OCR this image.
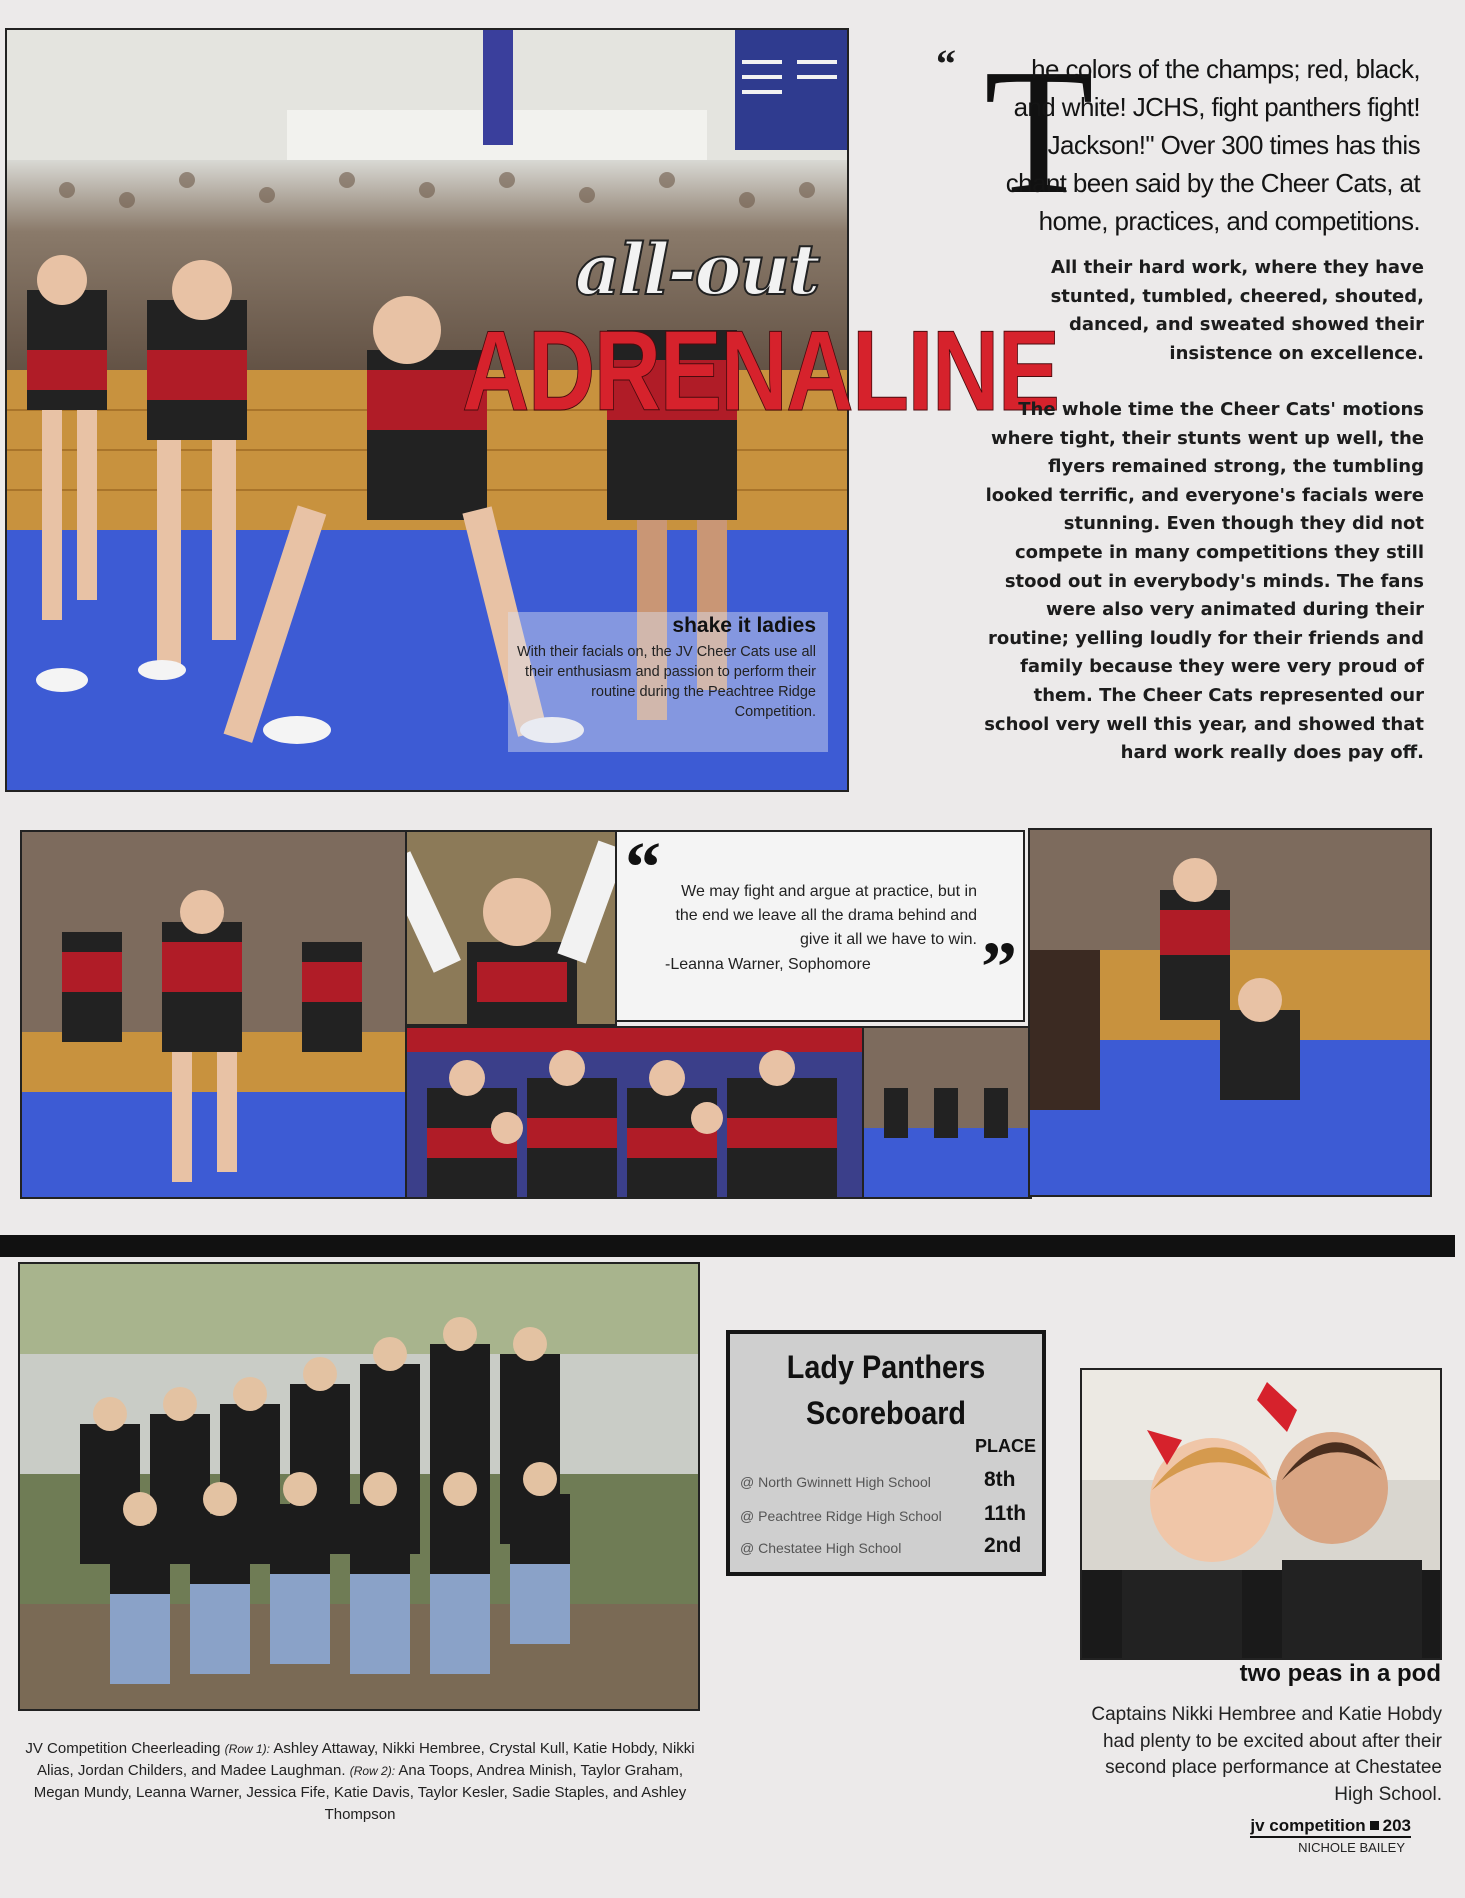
all-out
ADRENALINE
shake it ladies
With their facials on, the JV Cheer Cats use all their enthusiasm and passion to perform their routine during the Peachtree Ridge Competition.
“ T
he colors of the champs; red, black, and white! JCHS, fight panthers fight! Jackson!" Over 300 times has this chant been said by the Cheer Cats, at home, practices, and competitions.
All their hard work, where they have stunted, tumbled, cheered, shouted, danced, and sweated showed their insistence on excellence.
The whole time the Cheer Cats' motions where tight, their stunts went up well, the flyers remained strong, the tumbling looked terrific, and everyone's facials were stunning. Even though they did not compete in many competitions they still stood out in everybody's minds. The fans were also very animated during their routine; yelling loudly for their friends and family because they were very proud of them. The Cheer Cats represented our school very well this year, and showed that hard work really does pay off.
“	We may fight and argue at practice, but in the end we leave all the drama behind and give it all we have to win.
-Leanna Warner, Sophomore ”
JV Competition Cheerleading (Row 1): Ashley Attaway, Nikki Hembree, Crystal Kull, Katie Hobdy, Nikki Alias, Jordan Childers, and Madee Laughman. (Row 2): Ana Toops, Andrea Minish, Taylor Graham, Megan Mundy, Leanna Warner, Jessica Fife, Katie Davis, Taylor Kesler, Sadie Staples, and Ashley Thompson
Lady Panthers
Scoreboard
PLACE
@ North Gwinnett High School	8th
@ Peachtree Ridge High School 11th
@ Chestatee High School	2nd
two peas in a pod
Captains Nikki Hembree and Katie Hobdy had plenty to be excited about after their second place performance at Chestatee High School.
jv competition 203
NICHOLE BAILEY
